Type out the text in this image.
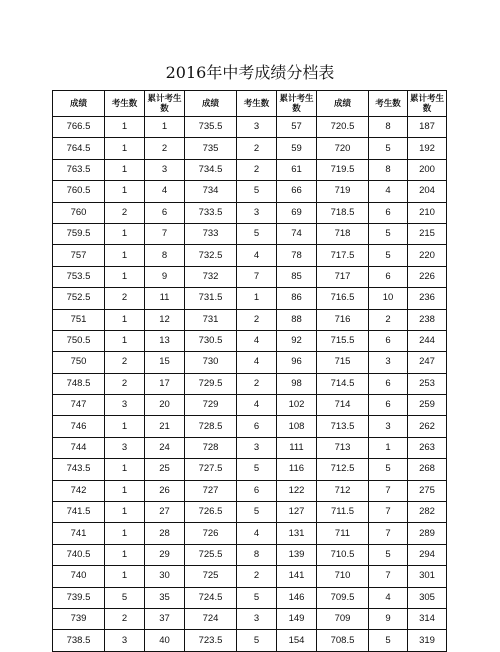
2016年中考成绩分档表
成绩	考生数	累计考生数	成绩	考生数	累计考生数	成绩	考生数	累计考生数
766.5	1	1	735.5	3	57	720.5	8	187
764.5	1	2	735	2	59	720	5	192
763.5	1	3	734.5	2	61	719.5	8	200
760.5	1	4	734	5	66	719	4	204
760	2	6	733.5	3	69	718.5	6	210
759.5	1	7	733	5	74	718	5	215
757	1	8	732.5	4	78	717.5	5	220
753.5	1	9	732	7	85	717	6	226
752.5	2	11	731.5	1	86	716.5	10	236
751	1	12	731	2	88	716	2	238
750.5	1	13	730.5	4	92	715.5	6	244
750	2	15	730	4	96	715	3	247
748.5	2	17	729.5	2	98	714.5	6	253
747	3	20	729	4	102	714	6	259
746	1	21	728.5	6	108	713.5	3	262
744	3	24	728	3	111	713	1	263
743.5	1	25	727.5	5	116	712.5	5	268
742	1	26	727	6	122	712	7	275
741.5	1	27	726.5	5	127	711.5	7	282
741	1	28	726	4	131	711	7	289
740.5	1	29	725.5	8	139	710.5	5	294
740	1	30	725	2	141	710	7	301
739.5	5	35	724.5	5	146	709.5	4	305
739	2	37	724	3	149	709	9	314
738.5	3	40	723.5	5	154	708.5	5	319
